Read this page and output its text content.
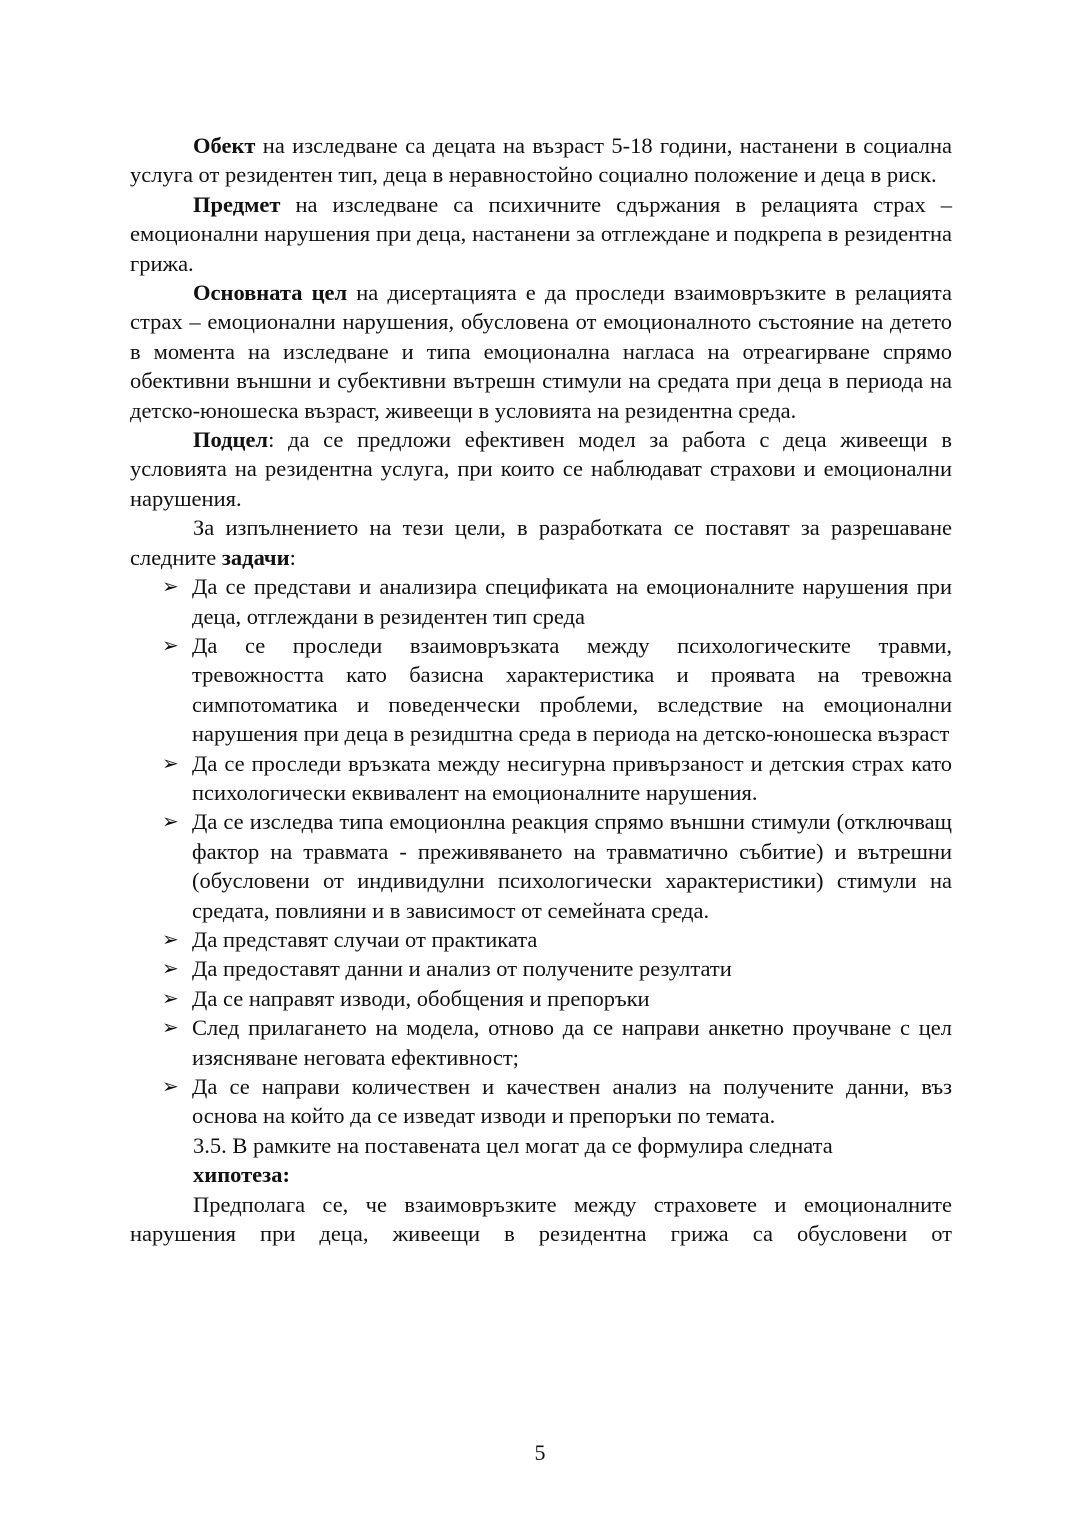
Обект на изследване са децата на възраст 5-18 години, настанени в социална услуга от резидентен тип, деца в неравностойно социално положение и деца в риск.

Предмет на изследване са психичните сдържания в релацията страх – емоционални нарушения при деца, настанени за отглеждане и подкрепа в резидентна грижа.

Основната цел на дисертацията е да проследи взаимовръзките в релацията страх – емоционални нарушения, обусловена от емоционалното състояние на детето в момента на изследване и типа емоционална нагласа на отреагирване спрямо обективни външни и субективни вътрешн стимули на средата при деца в периода на детско-юношеска възраст, живеещи в условията на резидентна среда.

Подцел: да се предложи ефективен модел за работа с деца живеещи в условията на резидентна услуга, при които се наблюдават страхови и емоционални нарушения.

За изпълнението на тези цели, в разработката се поставят за разрешаване следните задачи:

➢ Да се представи и анализира спецификата на емоционалните нарушения при деца, отглеждани в резидентен тип среда
➢ Да се проследи взаимовръзката между психологическите травми, тревожността като базисна характеристика и проявата на тревожна симпотоматика и поведенчески проблеми, вследствие на емоционални нарушения при деца в резидштна среда в периода на детско-юношеска възраст
➢ Да се проследи връзката между несигурна привързаност и детския страх като психологически еквивалент на емоционалните нарушения.
➢ Да се изследва типа емоционлна реакция спрямо външни стимули (отключващ фактор на травмата - преживяването на травматично събитие) и вътрешни (обусловени от индивидулни психологически характеристики) стимули на средата, повлияни и в зависимост от семейната среда.
➢ Да представят случаи от практиката
➢ Да предоставят данни и анализ от получените резултати
➢ Да се направят изводи, обобщения и препоръки
➢ След прилагането на модела, отново да се направи анкетно проучване с цел изясняване неговата ефективност;
➢ Да се направи количествен и качествен анализ на получените данни, въз основа на който да се изведат изводи и препоръки по темата.

3.5. В рамките на поставената цел могат да се формулира следната

хипотеза:

Предполага се, че взаимовръзките между страховете и емоционалните нарушения при деца, живеещи в резидентна грижа са обусловени от

5
